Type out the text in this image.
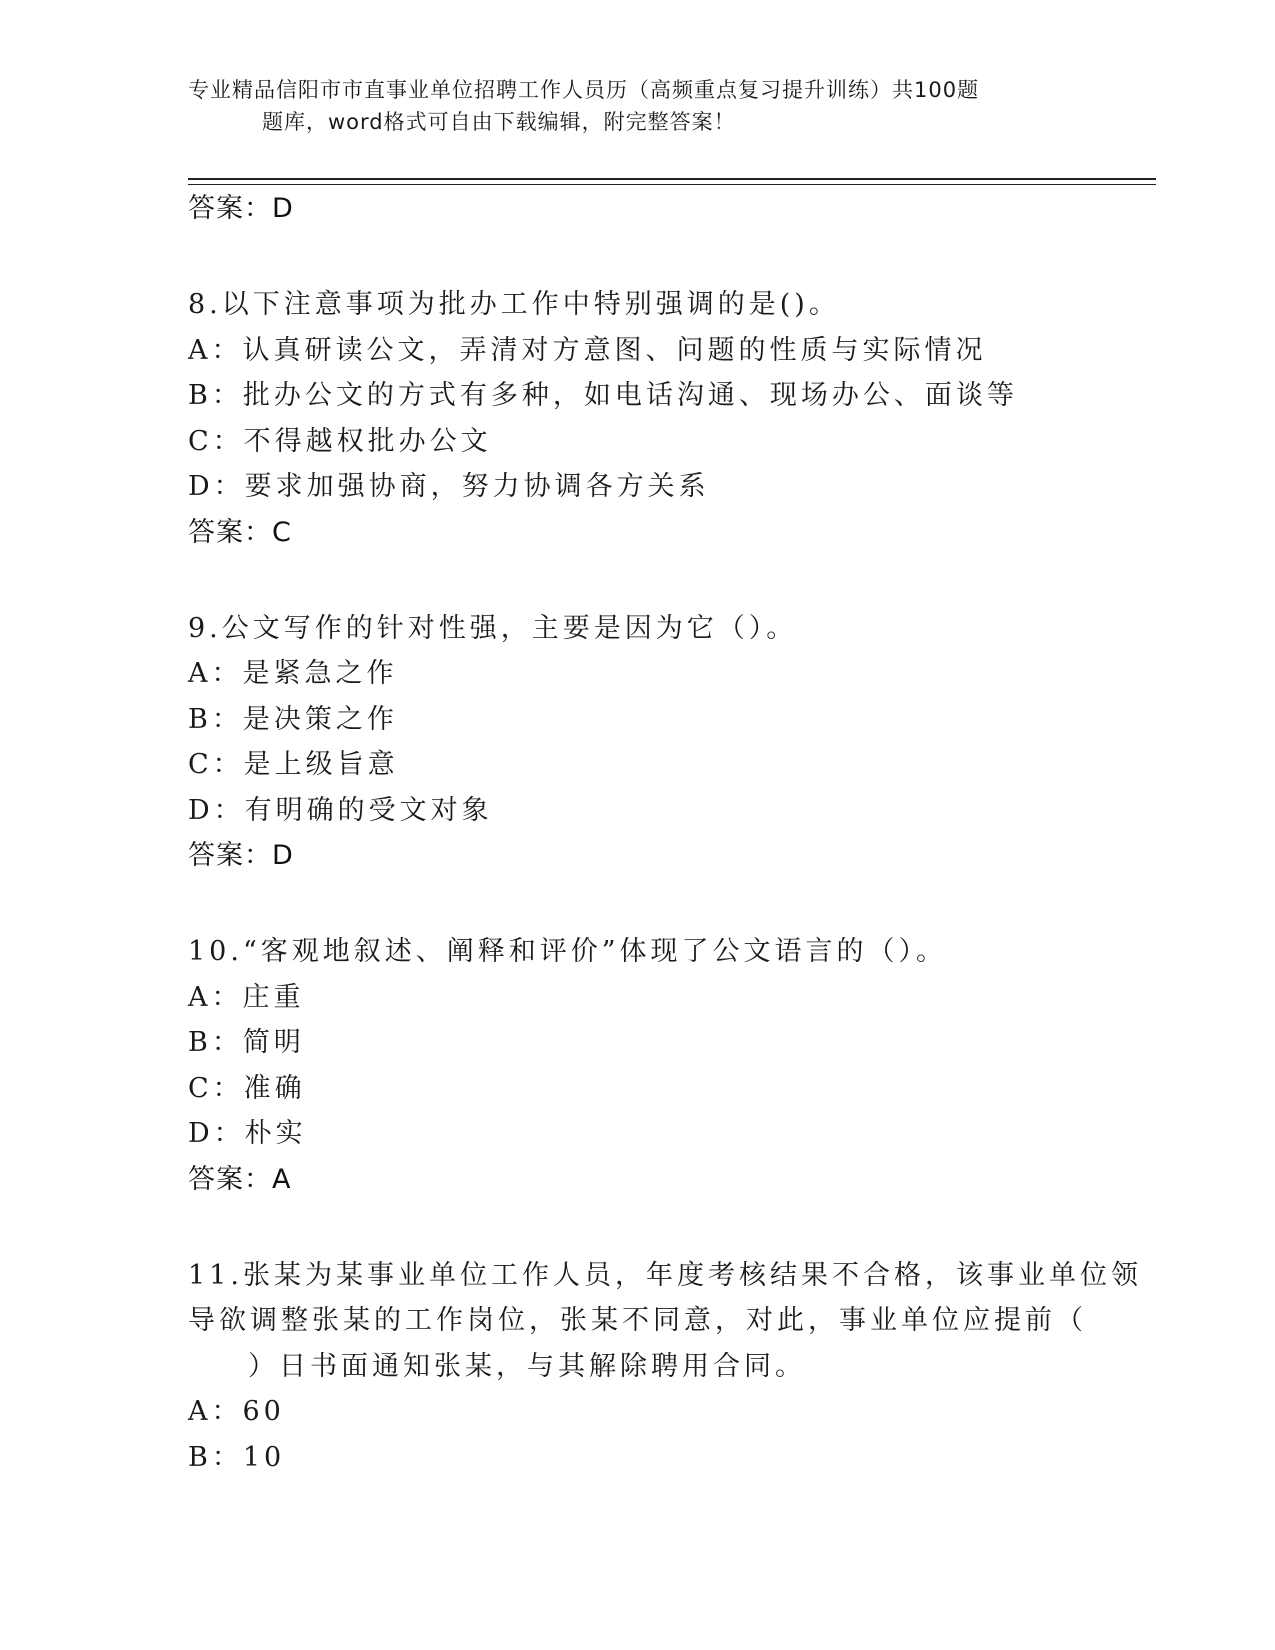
专业精品信阳市市直事业单位招聘工作人员历（高频重点复习提升训练）共100题

题库，word格式可自由下载编辑，附完整答案！
答案：D
8.以下注意事项为批办工作中特别强调的是()。
A：认真研读公文，弄清对方意图、问题的性质与实际情况
B：批办公文的方式有多种，如电话沟通、现场办公、面谈等
C：不得越权批办公文
D：要求加强协商，努力协调各方关系
答案：C
9.公文写作的针对性强，主要是因为它（）。
A：是紧急之作
B：是决策之作
C：是上级旨意
D：有明确的受文对象
答案：D
10.“客观地叙述、阐释和评价”体现了公文语言的（）。
A：庄重
B：简明
C：准确
D：朴实
答案：A
11.张某为某事业单位工作人员，年度考核结果不合格，该事业单位领
导欲调整张某的工作岗位，张某不同意，对此，事业单位应提前（
）日书面通知张某，与其解除聘用合同。
A：60
B：10
